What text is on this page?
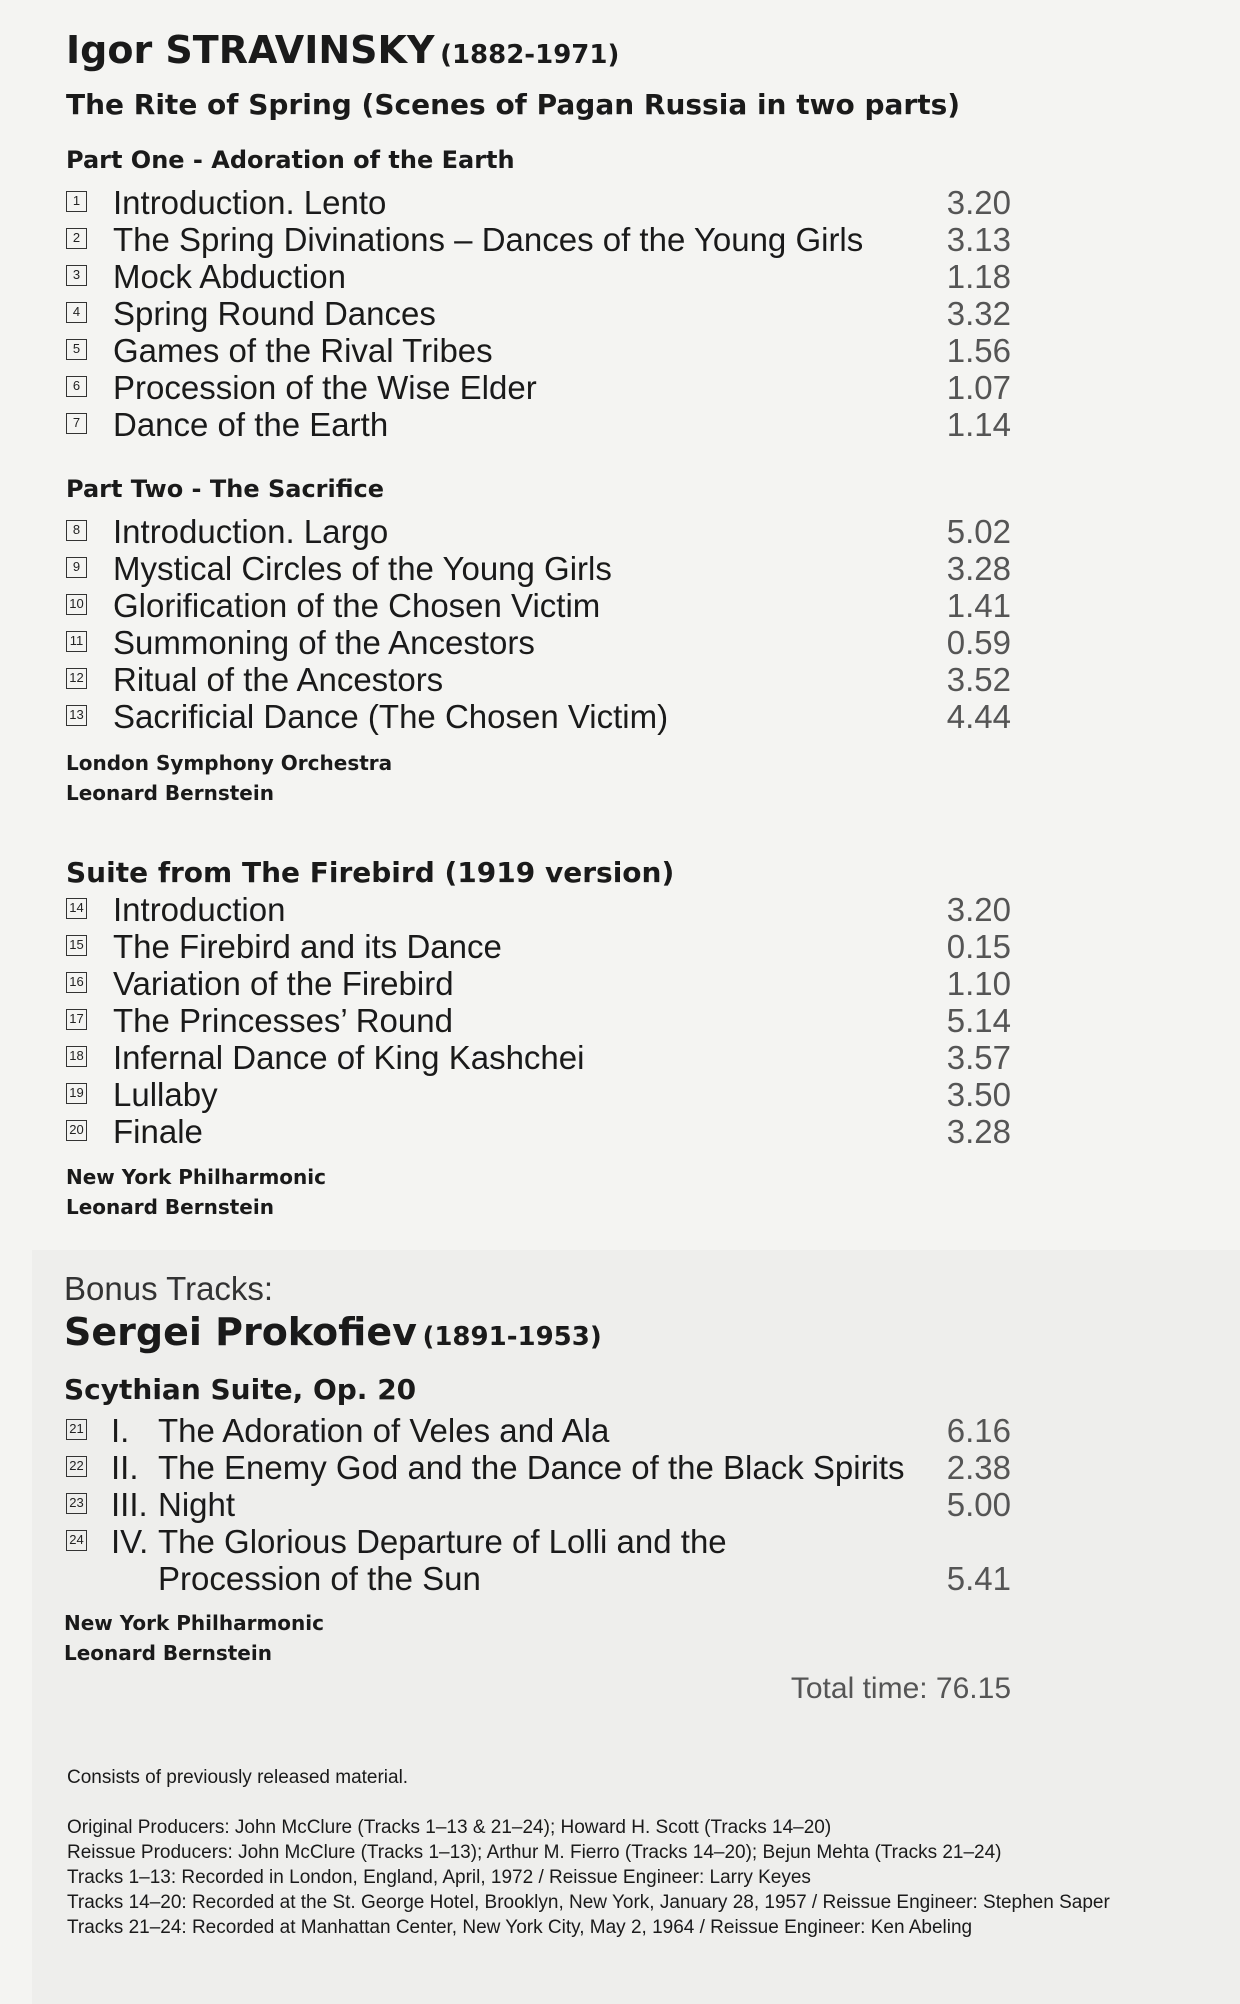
Igor STRAVINSKY (1882-1971)
The Rite of Spring (Scenes of Pagan Russia in two parts)
Part One - Adoration of the Earth
1 Introduction. Lento	3.20
2 The Spring Divinations – Dances of the Young Girls	3.13
3 Mock Abduction	1.18
4 Spring Round Dances	3.32
5 Games of the Rival Tribes	1.56
6 Procession of the Wise Elder	1.07
7 Dance of the Earth	1.14
Part Two - The Sacrifice
8 Introduction. Largo	5.02
9 Mystical Circles of the Young Girls	3.28
10 Glorification of the Chosen Victim	1.41
11 Summoning of the Ancestors	0.59
12 Ritual of the Ancestors	3.52
13 Sacrificial Dance (The Chosen Victim)	4.44
London Symphony Orchestra
Leonard Bernstein
Suite from The Firebird (1919 version)
14 Introduction	3.20
15 The Firebird and its Dance	0.15
16 Variation of the Firebird	1.10
17 The Princesses’ Round	5.14
18 Infernal Dance of King Kashchei	3.57
19 Lullaby	3.50
20 Finale	3.28
New York Philharmonic
Leonard Bernstein
Bonus Tracks:
Sergei Prokofiev (1891-1953)
Scythian Suite, Op. 20
21 I. The Adoration of Veles and Ala	6.16
22 II. The Enemy God and the Dance of the Black Spirits 2.38
23 III. Night	5.00
24 IV. The Glorious Departure of Lolli and the
Procession of the Sun	5.41
New York Philharmonic
Leonard Bernstein
Total time: 76.15
Consists of previously released material.
Original Producers: John McClure (Tracks 1–13 & 21–24); Howard H. Scott (Tracks 14–20)
Reissue Producers: John McClure (Tracks 1–13); Arthur M. Fierro (Tracks 14–20); Bejun Mehta (Tracks 21–24)
Tracks 1–13: Recorded in London, England, April, 1972 / Reissue Engineer: Larry Keyes
Tracks 14–20: Recorded at the St. George Hotel, Brooklyn, New York, January 28, 1957 / Reissue Engineer: Stephen Saper
Tracks 21–24: Recorded at Manhattan Center, New York City, May 2, 1964 / Reissue Engineer: Ken Abeling
